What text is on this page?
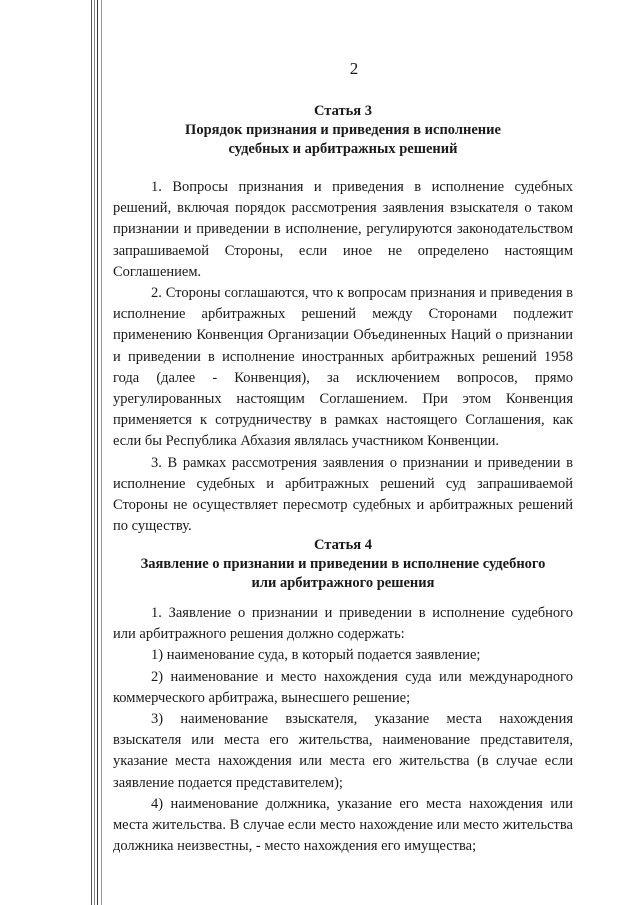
2
Статья 3
Порядок признания и приведения в исполнение
судебных и арбитражных решений

1. Вопросы признания и приведения в исполнение судебных решений, включая порядок рассмотрения заявления взыскателя о таком признании и приведении в исполнение, регулируются законодательством запрашиваемой Стороны, если иное не определено настоящим Соглашением.

2. Стороны соглашаются, что к вопросам признания и приведения в исполнение арбитражных решений между Сторонами подлежит применению Конвенция Организации Объединенных Наций о признании и приведении в исполнение иностранных арбитражных решений 1958 года (далее - Конвенция), за исключением вопросов, прямо урегулированных настоящим Соглашением. При этом Конвенция применяется к сотрудничеству в рамках настоящего Соглашения, как если бы Республика Абхазия являлась участником Конвенции.

3. В рамках рассмотрения заявления о признании и приведении в исполнение судебных и арбитражных решений суд запрашиваемой Стороны не осуществляет пересмотр судебных и арбитражных решений по существу.

Статья 4
Заявление о признании и приведении в исполнение судебного
или арбитражного решения

1. Заявление о признании и приведении в исполнение судебного или арбитражного решения должно содержать:

1) наименование суда, в который подается заявление;

2) наименование и место нахождения суда или международного коммерческого арбитража, вынесшего решение;

3) наименование взыскателя, указание места нахождения взыскателя или места его жительства, наименование представителя, указание места нахождения или места его жительства (в случае если заявление подается представителем);

4) наименование должника, указание его места нахождения или места жительства. В случае если место нахождение или место жительства должника неизвестны, - место нахождения его имущества;
